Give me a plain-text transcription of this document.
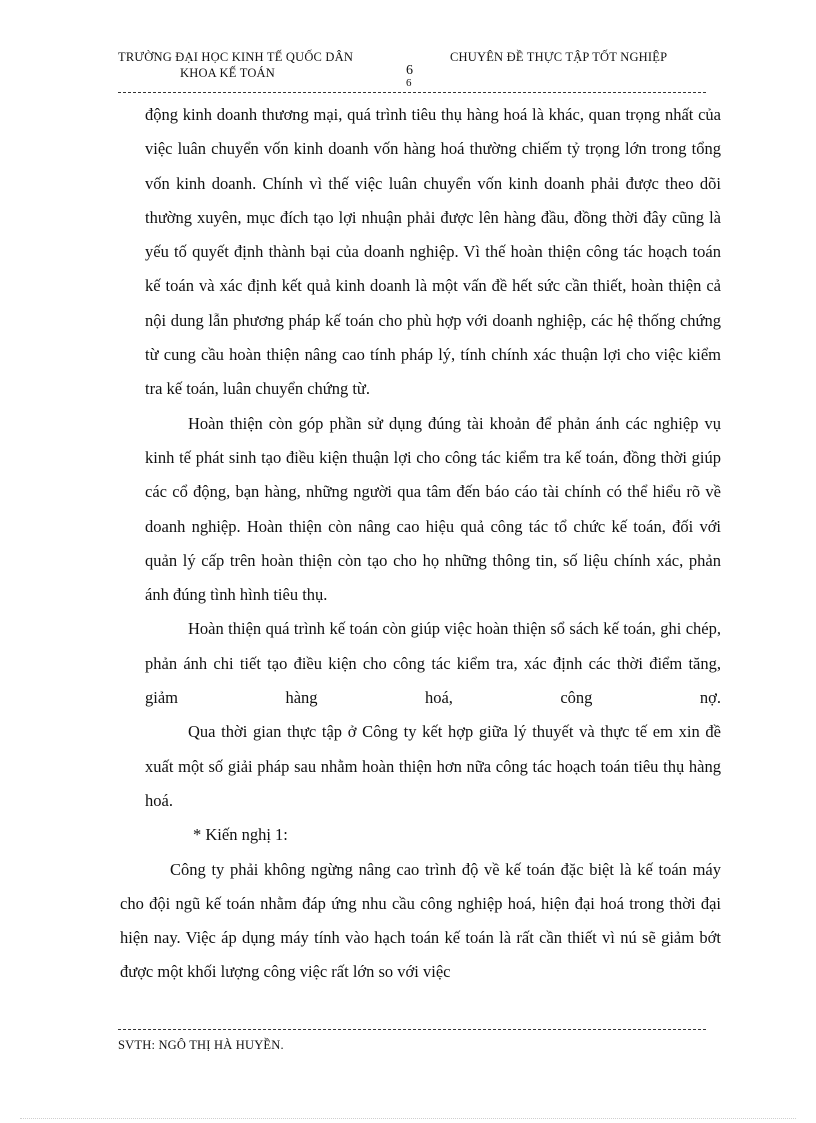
TRƯỜNG ĐẠI HỌC KINH TẾ QUỐC DÂN
KHOA KẾ TOÁN	6
6
CHUYÊN ĐỀ THỰC TẬP TỐT NGHIỆP

động kinh doanh thương mại, quá trình tiêu thụ hàng hoá là khác, quan trọng nhất của việc luân chuyển vốn kinh doanh vốn hàng hoá thường chiếm tỷ trọng lớn trong tổng vốn kinh doanh. Chính vì thế việc luân chuyển vốn kinh doanh phải được theo dõi thường xuyên, mục đích tạo lợi nhuận phải được lên hàng đầu, đồng thời đây cũng là yếu tố quyết định thành bại của doanh nghiệp. Vì thế hoàn thiện công tác hoạch toán kế toán và xác định kết quả kinh doanh là một vấn đề hết sức cần thiết, hoàn thiện cả nội dung lẫn phương pháp kế toán cho phù hợp với doanh nghiệp, các hệ thống chứng từ cung cầu hoàn thiện nâng cao tính pháp lý, tính chính xác thuận lợi cho việc kiểm tra kế toán, luân chuyển chứng từ.

Hoàn thiện còn góp phần sử dụng đúng tài khoản để phản ánh các nghiệp vụ kinh tế phát sinh tạo điều kiện thuận lợi cho công tác kiểm tra kế toán, đồng thời giúp các cổ động, bạn hàng, những người qua tâm đến báo cáo tài chính có thể hiểu rõ về doanh nghiệp. Hoàn thiện còn nâng cao hiệu quả công tác tổ chức kế toán, đối với quản lý cấp trên hoàn thiện còn tạo cho họ những thông tin, số liệu chính xác, phản ánh đúng tình hình tiêu thụ.

Hoàn thiện quá trình kế toán còn giúp việc hoàn thiện sổ sách kế toán, ghi chép, phản ánh chi tiết tạo điều kiện cho công tác kiểm tra, xác định các thời điểm tăng, giảm hàng hoá, công nợ.

Qua thời gian thực tập ở Công ty kết hợp giữa lý thuyết và thực tế em xin đề xuất một số giải pháp sau nhằm hoàn thiện hơn nữa công tác hoạch toán tiêu thụ hàng hoá.

* Kiến nghị 1:

Công ty phải không ngừng nâng cao trình độ về kế toán đặc biệt là kế toán máy cho đội ngũ kế toán nhằm đáp ứng nhu cầu công nghiệp hoá, hiện đại hoá trong thời đại hiện nay. Việc áp dụng máy tính vào hạch toán kế toán là rất cần thiết vì nú sẽ giảm bớt được một khối lượng công việc rất lớn so với việc

SVTH: NGÔ THỊ HÀ HUYỀN.
